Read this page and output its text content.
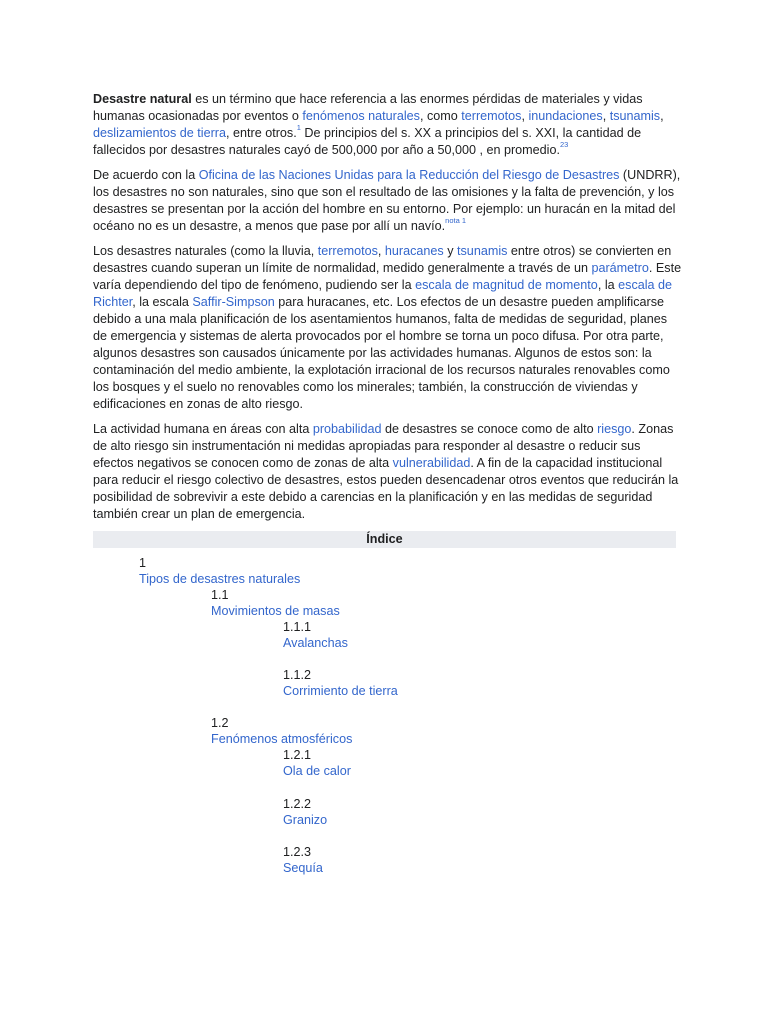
Desastre natural es un término que hace referencia a las enormes pérdidas de materiales y vidas humanas ocasionadas por eventos o fenómenos naturales, como terremotos, inundaciones, tsunamis, deslizamientos de tierra, entre otros.$^1$ De principios del s. XX a principios del s. XXI, la cantidad de fallecidos por desastres naturales cayó de 500,000 por año a 50,000 , en promedio.$^{23}$

De acuerdo con la Oficina de las Naciones Unidas para la Reducción del Riesgo de Desastres (UNDRR), los desastres no son naturales, sino que son el resultado de las omisiones y la falta de prevención, y los desastres se presentan por la acción del hombre en su entorno. Por ejemplo: un huracán en la mitad del océano no es un desastre, a menos que pase por allí un navío.$^{nota 1}$

Los desastres naturales (como la lluvia, terremotos, huracanes y tsunamis entre otros) se convierten en desastres cuando superan un límite de normalidad, medido generalmente a través de un parámetro. Este varía dependiendo del tipo de fenómeno, pudiendo ser la escala de magnitud de momento, la escala de Richter, la escala Saffir-Simpson para huracanes, etc. Los efectos de un desastre pueden amplificarse debido a una mala planificación de los asentamientos humanos, falta de medidas de seguridad, planes de emergencia y sistemas de alerta provocados por el hombre se torna un poco difusa. Por otra parte, algunos desastres son causados únicamente por las actividades humanas. Algunos de estos son: la contaminación del medio ambiente, la explotación irracional de los recursos naturales renovables como los bosques y el suelo no renovables como los minerales; también, la construcción de viviendas y edificaciones en zonas de alto riesgo.

La actividad humana en áreas con alta probabilidad de desastres se conoce como de alto riesgo. Zonas de alto riesgo sin instrumentación ni medidas apropiadas para responder al desastre o reducir sus efectos negativos se conocen como de zonas de alta vulnerabilidad. A fin de la capacidad institucional para reducir el riesgo colectivo de desastres, estos pueden desencadenar otros eventos que reducirán la posibilidad de sobrevivir a este debido a carencias en la planificación y en las medidas de seguridad también crear un plan de emergencia.

Índice
1
Tipos de desastres naturales
1.1
Movimientos de masas
1.1.1
Avalanchas
1.1.2
Corrimiento de tierra
1.2
Fenómenos atmosféricos
1.2.1
Ola de calor
1.2.2
Granizo
1.2.3
Sequía
